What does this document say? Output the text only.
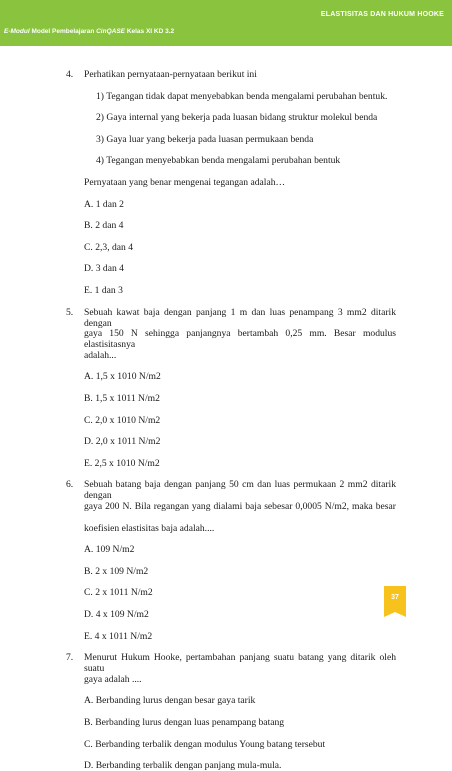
ELASTISITAS DAN HUKUM HOOKE
E-Modul Model Pembelajaran CinQASE Kelas XI KD 3.2
4. Perhatikan pernyataan-pernyataan berikut ini
1) Tegangan tidak dapat menyebabkan benda mengalami perubahan bentuk.
2) Gaya internal yang bekerja pada luasan bidang struktur molekul benda
3) Gaya luar yang bekerja pada luasan permukaan benda
4) Tegangan menyebabkan benda mengalami perubahan bentuk
Pernyataan yang benar mengenai tegangan adalah…
A. 1 dan 2
B. 2 dan 4
C. 2,3, dan 4
D. 3 dan 4
E. 1 dan 3
5. Sebuah kawat baja dengan panjang 1 m dan luas penampang 3 mm2 ditarik dengan
gaya 150 N sehingga panjangnya bertambah 0,25 mm. Besar modulus elastisitasnya
adalah...
A. 1,5 x 1010 N/m2
B. 1,5 x 1011 N/m2
C. 2,0 x 1010 N/m2
D. 2,0 x 1011 N/m2
E. 2,5 x 1010 N/m2
6. Sebuah batang baja dengan panjang 50 cm dan luas permukaan 2 mm2 ditarik dengan
gaya 200 N. Bila regangan yang dialami baja sebesar 0,0005 N/m2, maka besar
koefisien elastisitas baja adalah....
A. 109 N/m2
B. 2 x 109 N/m2
C. 2 x 1011 N/m2
D. 4 x 109 N/m2
E. 4 x 1011 N/m2
7. Menurut Hukum Hooke, pertambahan panjang suatu batang yang ditarik oleh suatu
gaya adalah ....
A. Berbanding lurus dengan besar gaya tarik
B. Berbanding lurus dengan luas penampang batang
C. Berbanding terbalik dengan modulus Young batang tersebut
D. Berbanding terbalik dengan panjang mula-mula.
37
